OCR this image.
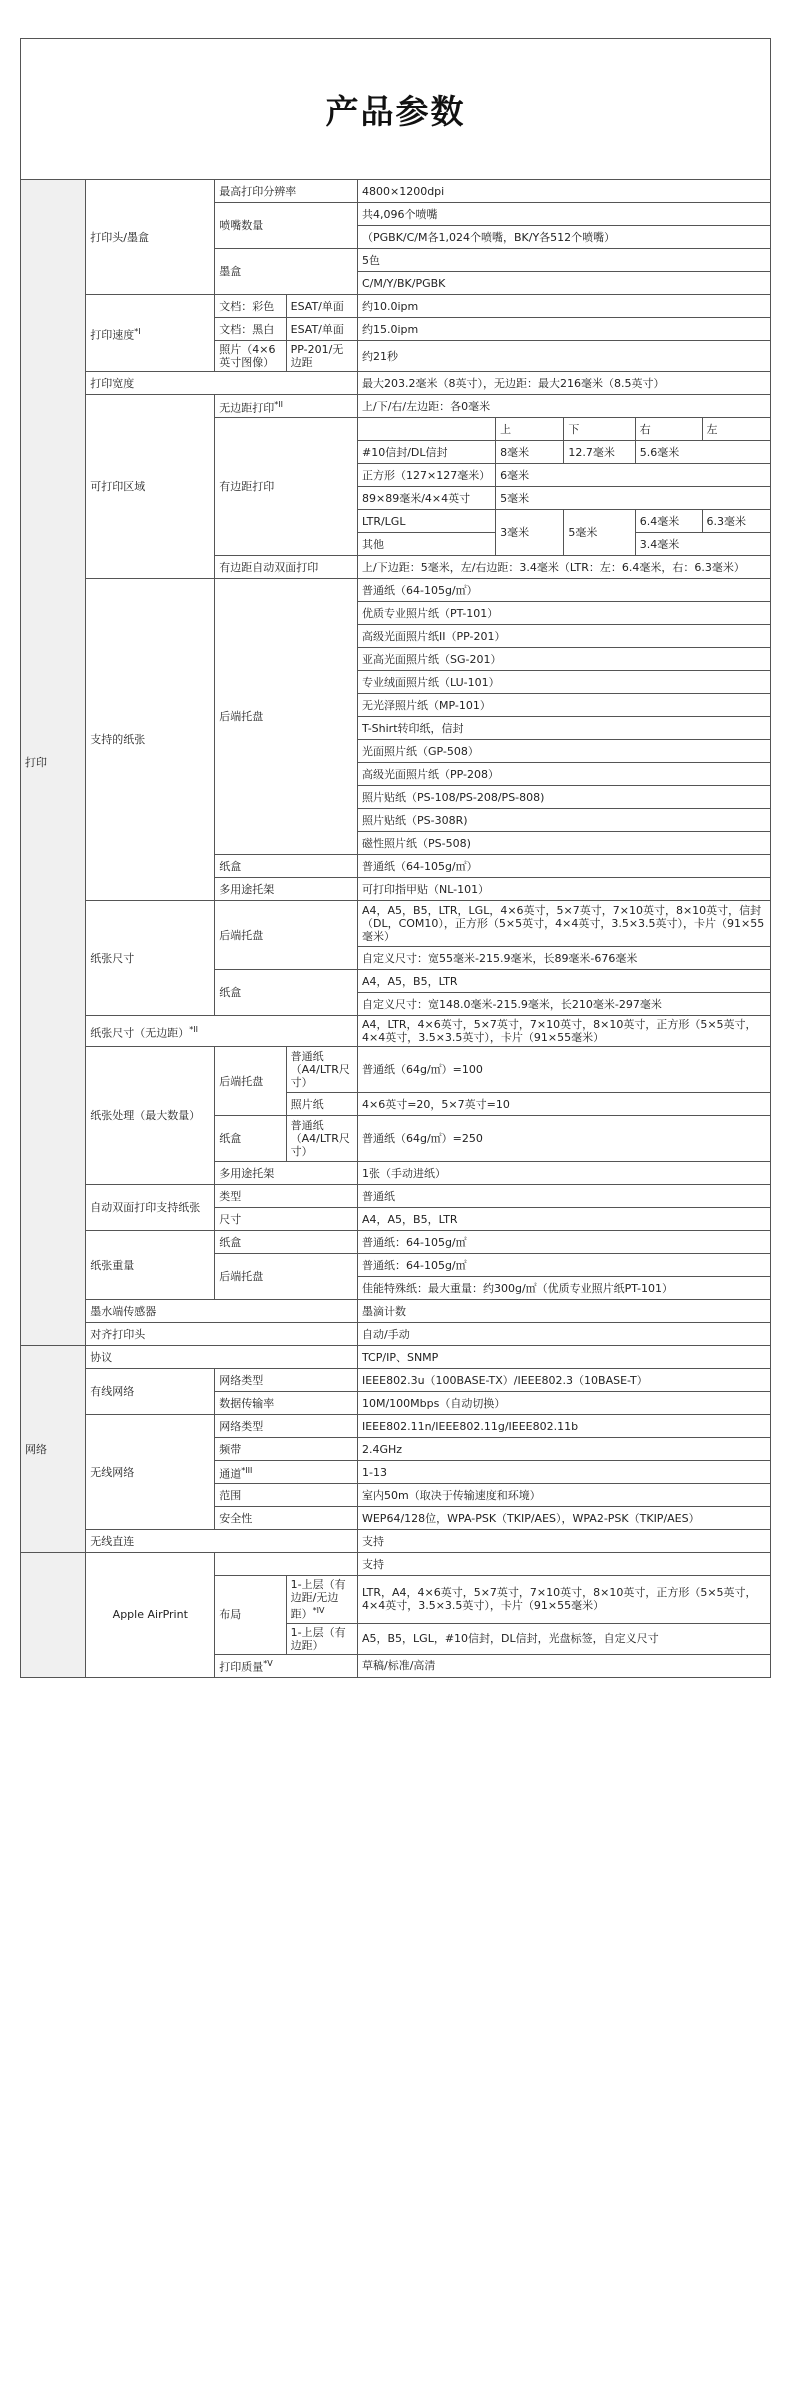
产品参数
打印	打印头/墨盒	最高打印分辨率		4800×1200dpi				
		喷嘴数量		共4,096个喷嘴				
				（PGBK/C/M各1,024个喷嘴，BK/Y各512个喷嘴）				
		墨盒		5色				
				C/M/Y/BK/PGBK				
	打印速度$^{*I}$	文档：彩色	ESAT/单面	约10.0ipm				
		文档：黑白	ESAT/单面	约15.0ipm				
		照片（4×6英寸图像）	PP-201/无边距	约21秒				
	打印宽度			最大203.2毫米（8英寸），无边距：最大216毫米（8.5英寸）				
	可打印区域	无边距打印$^{*II}$		上/下/右/左边距：各0毫米				
		有边距打印			上	下	右	左
				#10信封/DL信封	8毫米	12.7毫米	5.6毫米	
				正方形（127×127毫米）	6毫米			
				89×89毫米/4×4英寸	5毫米			
				LTR/LGL	3毫米	5毫米	6.4毫米	6.3毫米
				其他			3.4毫米	
		有边距自动双面打印		上/下边距：5毫米，左/右边距：3.4毫米（LTR：左：6.4毫米，右：6.3毫米）				
	支持的纸张	后端托盘		普通纸（64-105g/㎡）				
				优质专业照片纸（PT-101）				
				高级光面照片纸II（PP-201）				
				亚高光面照片纸（SG-201）				
				专业绒面照片纸（LU-101）				
				无光泽照片纸（MP-101）				
				T-Shirt转印纸，信封				
				光面照片纸（GP-508）				
				高级光面照片纸（PP-208）				
				照片贴纸（PS-108/PS-208/PS-808)				
				照片贴纸（PS-308R)				
				磁性照片纸（PS-508)				
		纸盒		普通纸（64-105g/㎡）				
		多用途托架		可打印指甲贴（NL-101）				
	纸张尺寸	后端托盘		A4，A5，B5，LTR，LGL，4×6英寸，5×7英寸，7×10英寸，8×10英寸，信封（DL，COM10），正方形（5×5英寸，4×4英寸，3.5×3.5英寸），卡片（91×55毫米）				
				自定义尺寸：宽55毫米-215.9毫米，长89毫米-676毫米				
		纸盒		A4，A5，B5，LTR				
				自定义尺寸：宽148.0毫米-215.9毫米，长210毫米-297毫米				
	纸张尺寸（无边距）$^{*II}$			A4，LTR，4×6英寸，5×7英寸，7×10英寸，8×10英寸，正方形（5×5英寸，4×4英寸，3.5×3.5英寸），卡片（91×55毫米）				
	纸张处理（最大数量）	后端托盘	普通纸（A4/LTR尺寸）	普通纸（64g/㎡）=100				
			照片纸	4×6英寸=20，5×7英寸=10				
		纸盒	普通纸（A4/LTR尺寸）	普通纸（64g/㎡）=250				
		多用途托架		1张（手动进纸）				
	自动双面打印支持纸张	类型		普通纸				
		尺寸		A4，A5，B5，LTR				
	纸张重量	纸盒		普通纸：64-105g/㎡				
		后端托盘		普通纸：64-105g/㎡				
				佳能特殊纸：最大重量：约300g/㎡（优质专业照片纸PT-101）				
	墨水端传感器			墨滴计数				
	对齐打印头			自动/手动				
网络	协议			TCP/IP、SNMP				
	有线网络	网络类型		IEEE802.3u（100BASE-TX）/IEEE802.3（10BASE-T）				
		数据传输率		10M/100Mbps（自动切换）				
	无线网络	网络类型		IEEE802.11n/IEEE802.11g/IEEE802.11b				
		频带		2.4GHz				
		通道$^{*III}$		1-13				
		范围		室内50m（取决于传输速度和环境）				
		安全性		WEP64/128位，WPA-PSK（TKIP/AES），WPA2-PSK（TKIP/AES）				
	无线直连			支持				
	Apple AirPrint			支持				
		布局	1-上层（有边距/无边距）$^{*IV}$	LTR，A4，4×6英寸，5×7英寸，7×10英寸，8×10英寸，正方形（5×5英寸，4×4英寸，3.5×3.5英寸），卡片（91×55毫米）				
			1-上层（有边距）	A5，B5，LGL，#10信封，DL信封，光盘标签，自定义尺寸				
		打印质量$^{*V}$		草稿/标准/高清				
